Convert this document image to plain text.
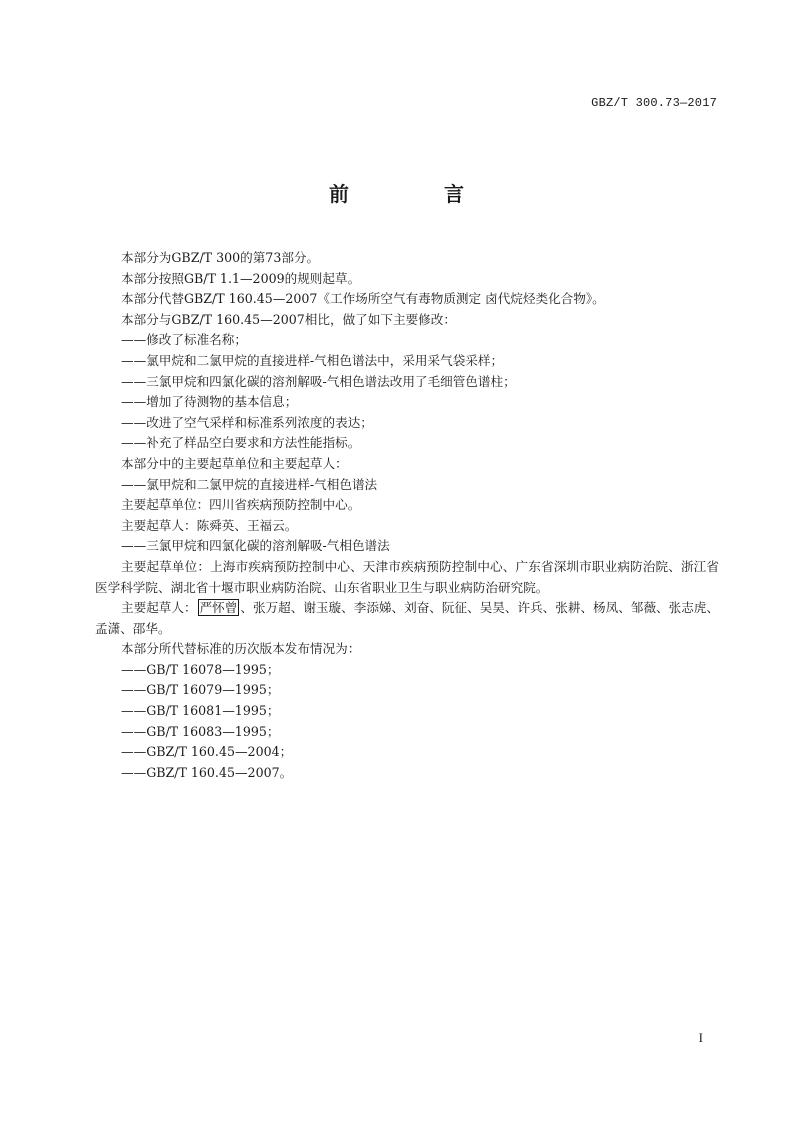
GBZ/T 300.73—2017
前 言

本部分为GBZ/T 300的第73部分。

本部分按照GB/T 1.1—2009的规则起草。

本部分代替GBZ/T 160.45—2007《工作场所空气有毒物质测定 卤代烷烃类化合物》。

本部分与GBZ/T 160.45—2007相比，做了如下主要修改：

——修改了标准名称；

——氯甲烷和二氯甲烷的直接进样-气相色谱法中，采用采气袋采样；

——三氯甲烷和四氯化碳的溶剂解吸-气相色谱法改用了毛细管色谱柱；

——增加了待测物的基本信息；

——改进了空气采样和标准系列浓度的表达；

——补充了样品空白要求和方法性能指标。

本部分中的主要起草单位和主要起草人：

——氯甲烷和二氯甲烷的直接进样-气相色谱法

主要起草单位：四川省疾病预防控制中心。

主要起草人：陈舜英、王福云。

——三氯甲烷和四氯化碳的溶剂解吸-气相色谱法

主要起草单位：上海市疾病预防控制中心、天津市疾病预防控制中心、广东省深圳市职业病防治院、浙江省医学科学院、湖北省十堰市职业病防治院、山东省职业卫生与职业病防治研究院。

主要起草人： 严怀曾 、张万超、谢玉璇、李添娣、刘奋、阮征、吴昊、许兵、张耕、杨凤、邹薇、张志虎、孟潇、邵华。

本部分所代替标准的历次版本发布情况为：

——GB/T 16078—1995；

——GB/T 16079—1995；

——GB/T 16081—1995；

——GB/T 16083—1995；

——GBZ/T 160.45—2004；

——GBZ/T 160.45—2007。

I
